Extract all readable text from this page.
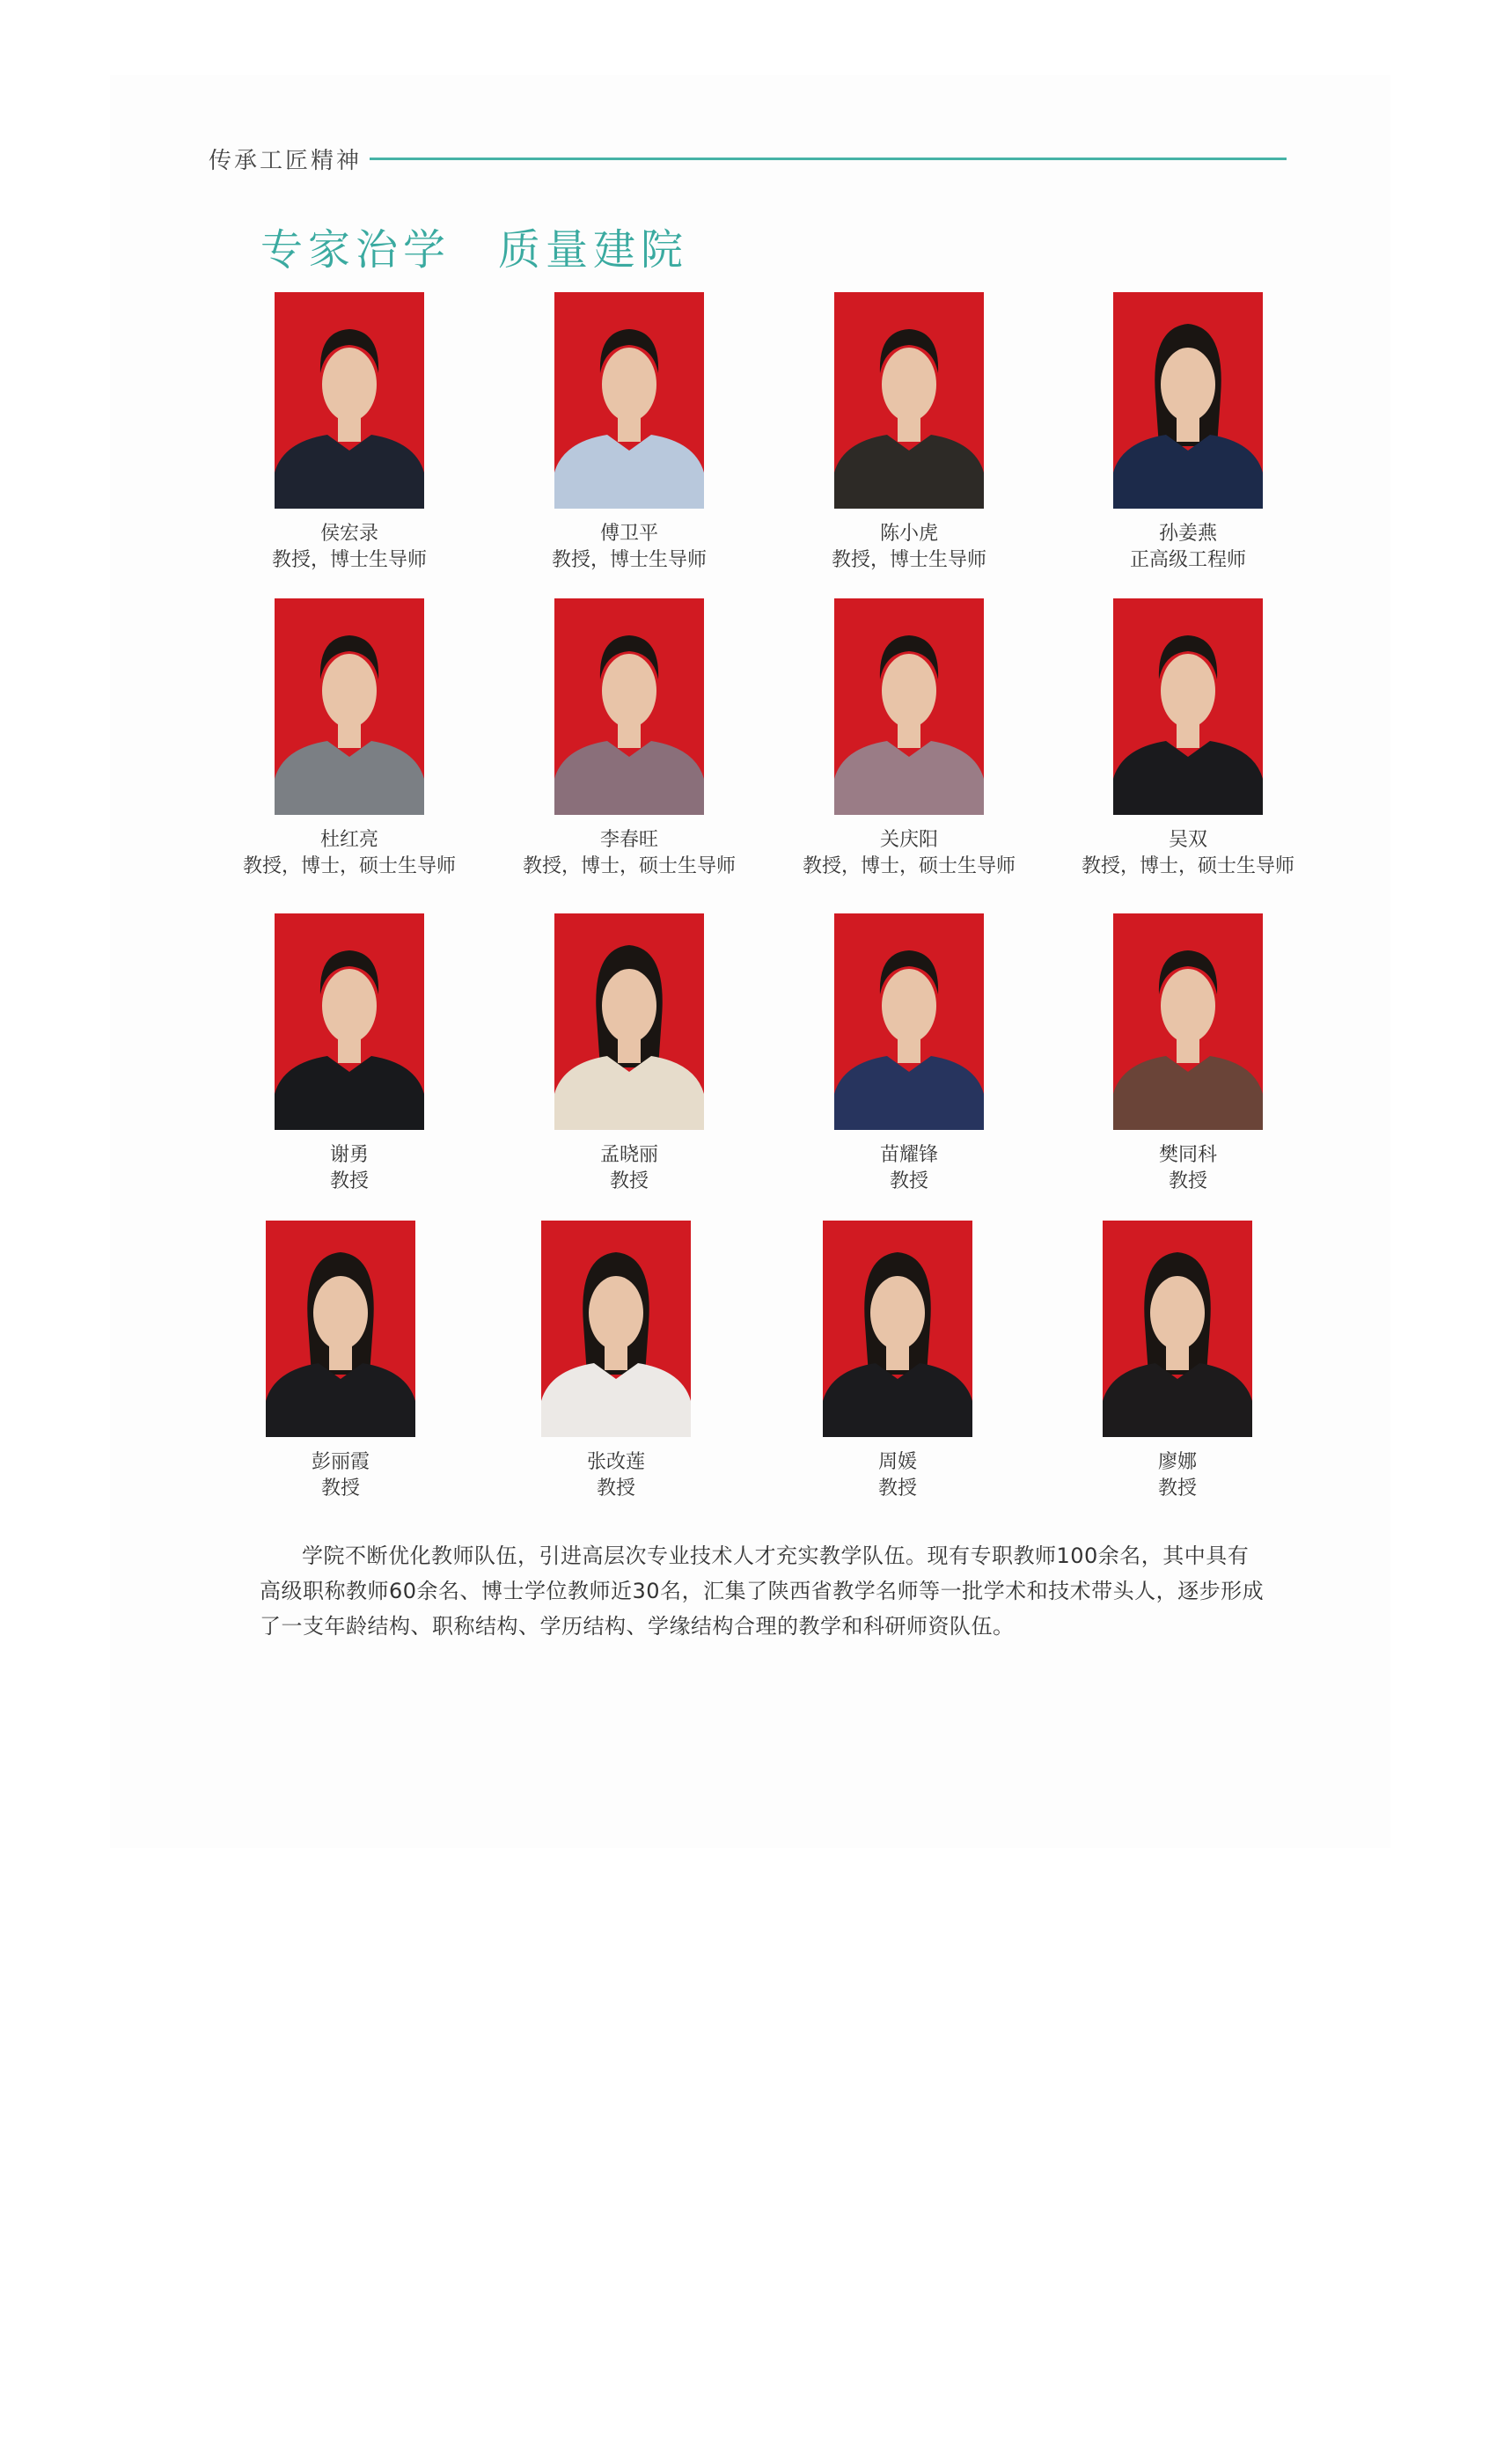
传承工匠精神
专家治学　质量建院
侯宏录
教授，博士生导师
傅卫平
教授，博士生导师
陈小虎
教授，博士生导师
孙姜燕
正高级工程师
杜红亮
教授，博士，硕士生导师
李春旺
教授，博士，硕士生导师
关庆阳
教授，博士，硕士生导师
吴双
教授，博士，硕士生导师
谢勇
教授
孟晓丽
教授
苗耀锋
教授
樊同科
教授
彭丽霞
教授
张改莲
教授
周媛
教授
廖娜
教授

学院不断优化教师队伍，引进高层次专业技术人才充实教学队伍。现有专职教师100余名，其中具有高级职称教师60余名、博士学位教师近30名，汇集了陕西省教学名师等一批学术和技术带头人，逐步形成了一支年龄结构、职称结构、学历结构、学缘结构合理的教学和科研师资队伍。
